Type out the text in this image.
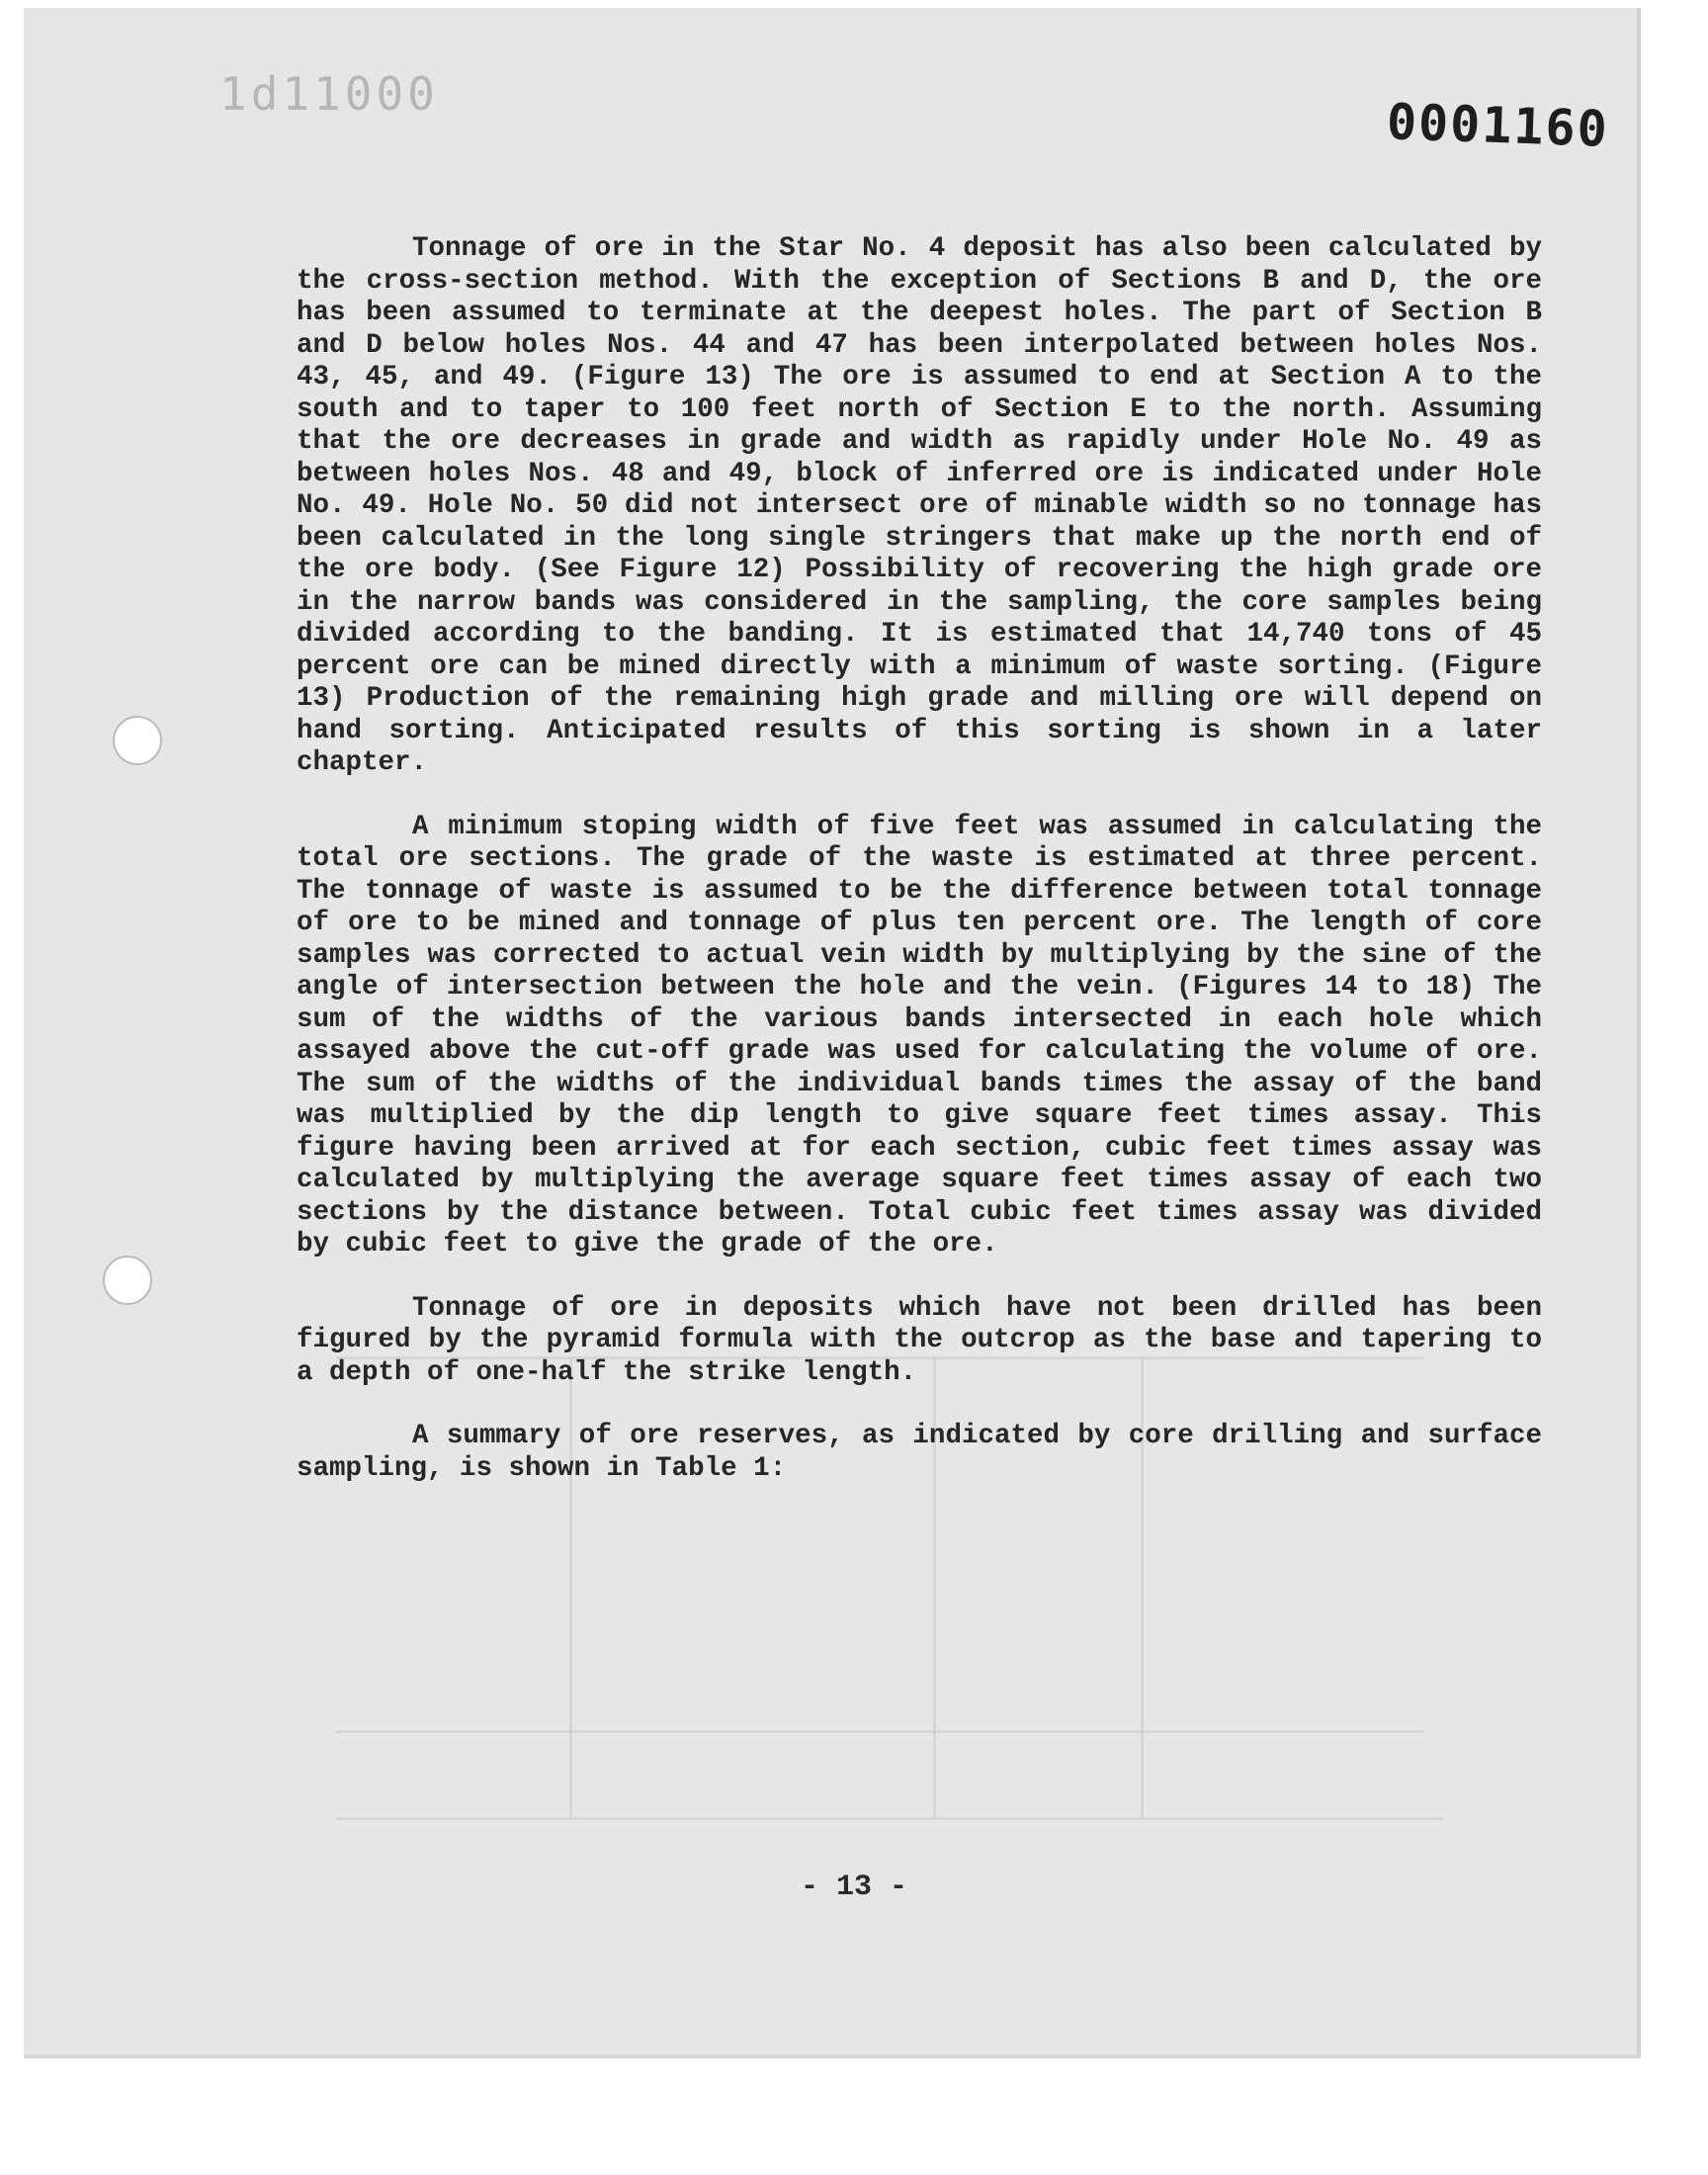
1d11000	0001160

Tonnage of ore in the Star No. 4 deposit has also been calculated by the cross-section method. With the exception of Sections B and D, the ore has been assumed to terminate at the deepest holes. The part of Section B and D below holes Nos. 44 and 47 has been interpolated between holes Nos. 43, 45, and 49. (Figure 13) The ore is assumed to end at Section A to the south and to taper to 100 feet north of Section E to the north. Assuming that the ore decreases in grade and width as rapidly under Hole No. 49 as between holes Nos. 48 and 49, block of inferred ore is indicated under Hole No. 49. Hole No. 50 did not intersect ore of minable width so no tonnage has been calculated in the long single stringers that make up the north end of the ore body. (See Figure 12) Possibility of recovering the high grade ore in the narrow bands was considered in the sampling, the core samples being divided according to the banding. It is estimated that 14,740 tons of 45 percent ore can be mined directly with a minimum of waste sorting. (Figure 13) Production of the remaining high grade and milling ore will depend on hand sorting. Anticipated results of this sorting is shown in a later chapter.

A minimum stoping width of five feet was assumed in calculating the total ore sections. The grade of the waste is estimated at three percent. The tonnage of waste is assumed to be the difference between total tonnage of ore to be mined and tonnage of plus ten percent ore. The length of core samples was corrected to actual vein width by multiplying by the sine of the angle of intersection between the hole and the vein. (Figures 14 to 18) The sum of the widths of the various bands intersected in each hole which assayed above the cut-off grade was used for calculating the volume of ore. The sum of the widths of the individual bands times the assay of the band was multiplied by the dip length to give square feet times assay. This figure having been arrived at for each section, cubic feet times assay was calculated by multiplying the average square feet times assay of each two sections by the distance between. Total cubic feet times assay was divided by cubic feet to give the grade of the ore.

Tonnage of ore in deposits which have not been drilled has been figured by the pyramid formula with the outcrop as the base and tapering to a depth of one-half the strike length.

A summary of ore reserves, as indicated by core drilling and surface sampling, is shown in Table 1:

- 13 -
